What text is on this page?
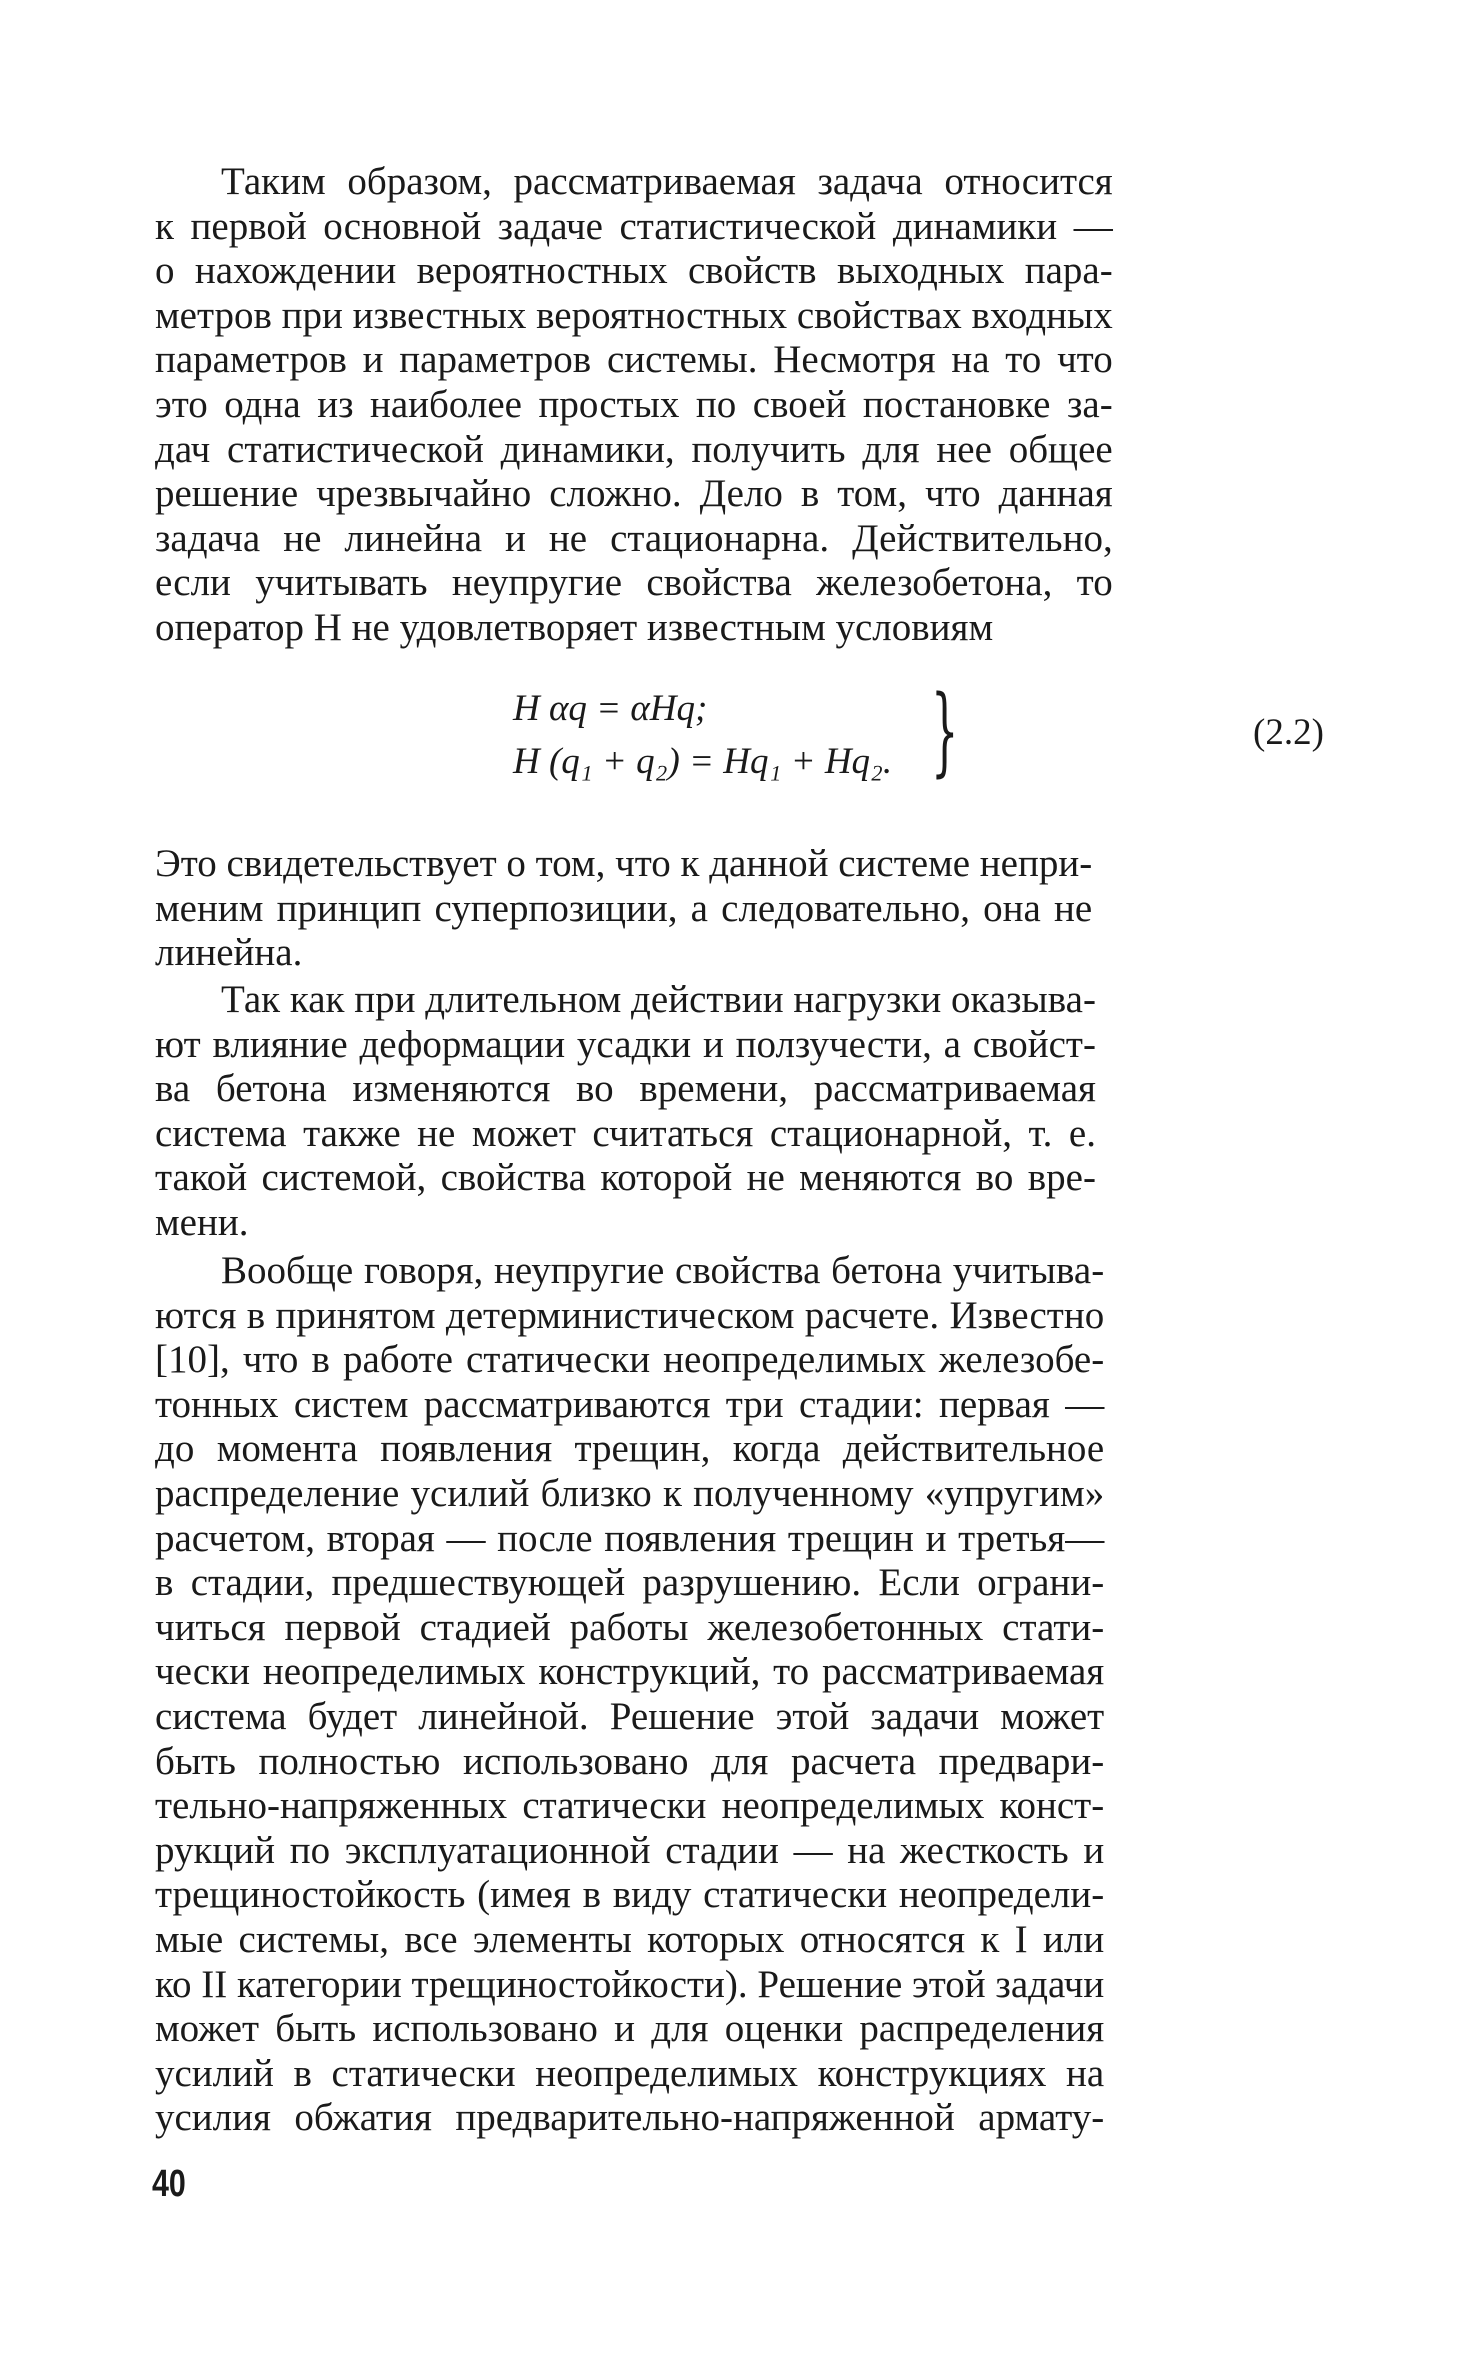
Таким образом, рассматриваемая задача относится
к первой основной задаче статистической динамики —
о нахождении вероятностных свойств выходных пара-
метров при известных вероятностных свойствах входных
параметров и параметров системы. Несмотря на то что
это одна из наиболее простых по своей постановке за-
дач статистической динамики, получить для нее общее
решение чрезвычайно сложно. Дело в том, что данная
задача не линейна и не стационарна. Действительно,
если учитывать неупругие свойства железобетона, то
оператор H не удовлетворяет известным условиям
H αq = αHq;
H (q₁ + q₂) = Hq₁ + Hq₂. }	(2.2)
Это свидетельствует о том, что к данной системе непри-
меним принцип суперпозиции, а следовательно, она не
линейна.
Так как при длительном действии нагрузки оказыва-
ют влияние деформации усадки и ползучести, а свойст-
ва бетона изменяются во времени, рассматриваемая
система также не может считаться стационарной, т. е.
такой системой, свойства которой не меняются во вре-
мени.
Вообще говоря, неупругие свойства бетона учитыва-
ются в принятом детерминистическом расчете. Известно
[10], что в работе статически неопределимых железобе-
тонных систем рассматриваются три стадии: первая —
до момента появления трещин, когда действительное
распределение усилий близко к полученному «упругим»
расчетом, вторая — после появления трещин и третья—
в стадии, предшествующей разрушению. Если ограни-
читься первой стадией работы железобетонных стати-
чески неопределимых конструкций, то рассматриваемая
система будет линейной. Решение этой задачи может
быть полностью использовано для расчета предвари-
тельно-напряженных статически неопределимых конст-
рукций по эксплуатационной стадии — на жесткость и
трещиностойкость (имея в виду статически неопредели-
мые системы, все элементы которых относятся к I или
ко II категории трещиностойкости). Решение этой задачи
может быть использовано и для оценки распределения
усилий в статически неопределимых конструкциях на
усилия обжатия предварительно-напряженной армату-
40
